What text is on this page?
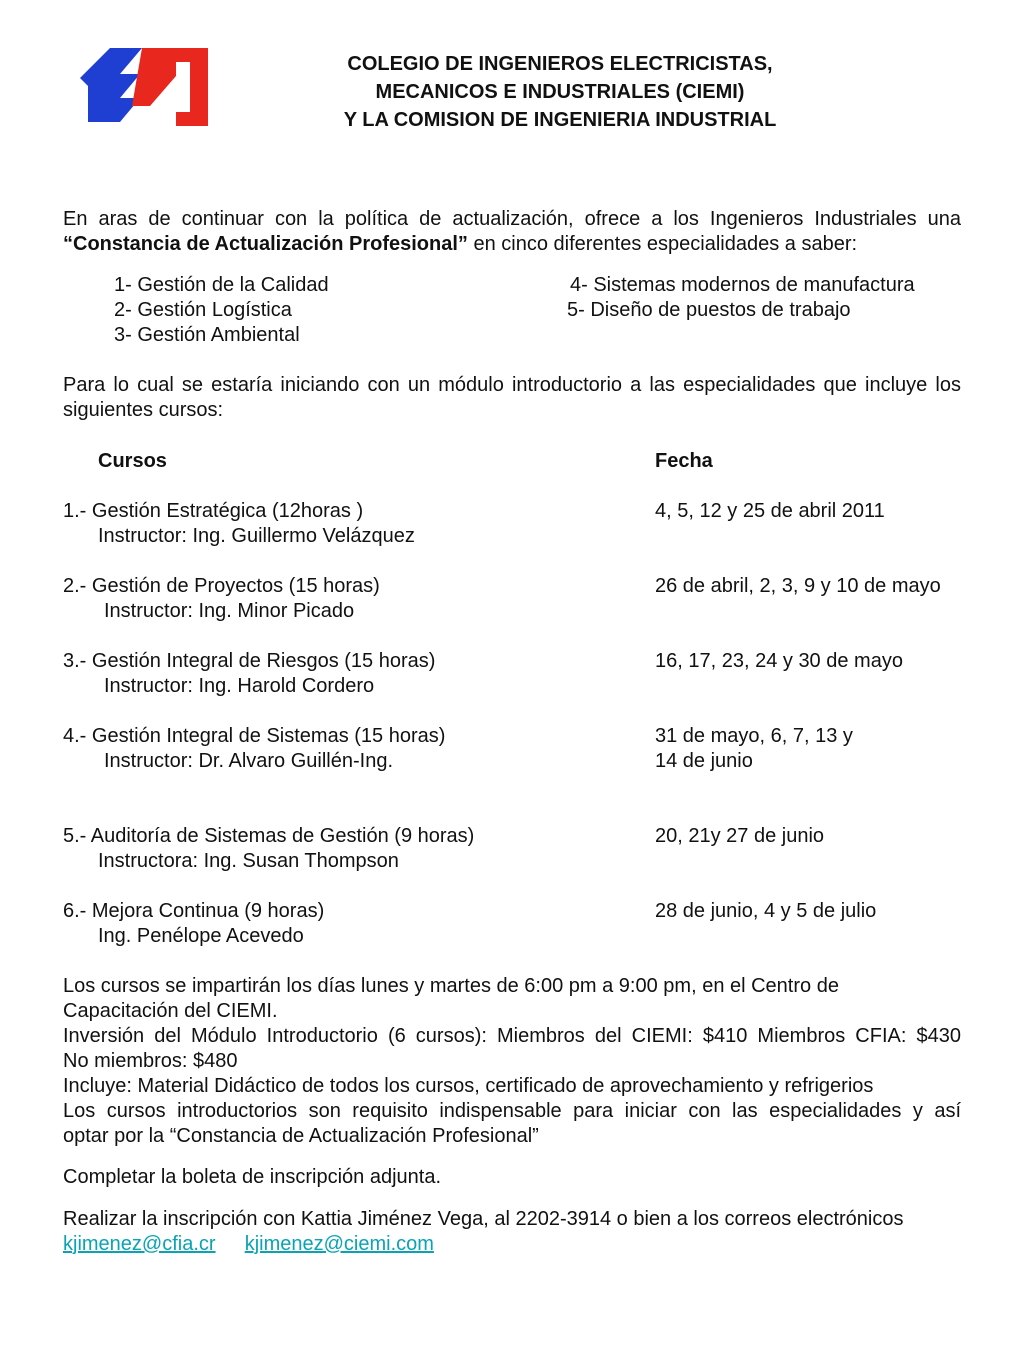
COLEGIO DE INGENIEROS ELECTRICISTAS,
MECANICOS E INDUSTRIALES (CIEMI)
Y LA COMISION DE INGENIERIA INDUSTRIAL
En aras de continuar con la política de actualización, ofrece a los Ingenieros Industriales una
“Constancia de Actualización Profesional” en cinco diferentes especialidades a saber:
1- Gestión de la Calidad
2- Gestión Logística
3- Gestión Ambiental
4- Sistemas modernos de manufactura
5- Diseño de puestos de trabajo
Para lo cual se estaría iniciando con un módulo introductorio a las especialidades que incluye los
siguientes cursos:
Cursos	Fecha
1.- Gestión Estratégica (12horas )
Instructor: Ing. Guillermo Velázquez
4, 5, 12 y 25 de abril 2011
2.- Gestión de Proyectos (15 horas)
Instructor: Ing. Minor Picado
26 de abril, 2, 3, 9 y 10 de mayo
3.- Gestión Integral de Riesgos (15 horas)
Instructor: Ing. Harold Cordero
16, 17, 23, 24 y 30 de mayo
4.- Gestión Integral de Sistemas (15 horas)
Instructor: Dr. Alvaro Guillén-Ing.
31 de mayo, 6, 7, 13 y
14 de junio
5.- Auditoría de Sistemas de Gestión (9 horas)
Instructora: Ing. Susan Thompson
20, 21y 27 de junio
6.- Mejora Continua (9 horas)
Ing. Penélope Acevedo
28 de junio, 4 y 5 de julio
Los cursos se impartirán los días lunes y martes de 6:00 pm a 9:00 pm, en el Centro de
Capacitación del CIEMI.
Inversión del Módulo Introductorio (6 cursos): Miembros del CIEMI: $410 Miembros CFIA: $430
No miembros: $480
Incluye: Material Didáctico de todos los cursos, certificado de aprovechamiento y refrigerios
Los cursos introductorios son requisito indispensable para iniciar con las especialidades y así
optar por la “Constancia de Actualización Profesional”
Completar la boleta de inscripción adjunta.
Realizar la inscripción con Kattia Jiménez Vega, al 2202-3914 o bien a los correos electrónicos
kjimenez@cfia.cr kjimenez@ciemi.com
